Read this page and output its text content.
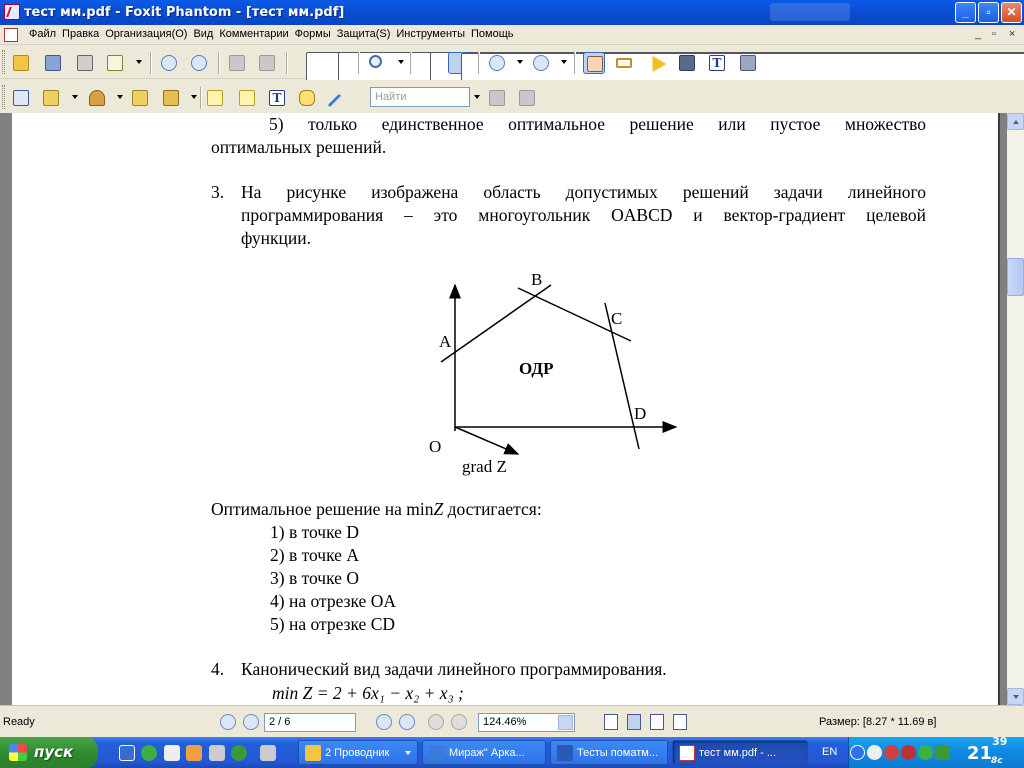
тест мм.pdf - Foxit Phantom - [тест мм.pdf]	_	▫	✕
Файл Правка Организация(O) Вид Комментарии Формы Защита(S) Инструменты Помощь	_ ▫ ×
T
T	Найти
5) только единственное оптимальное решение или пустое множество
оптимальных решений.
3. На рисунке изображена область допустимых решений задачи линейного
программирования – это многоугольник OABCD и вектор-градиент целевой
функции.
A
B
C
D
O
ОДР
grad Z
Оптимальное решение на minZ достигается:
1) в точке D
2) в точке A
3) в точке O
4) на отрезке OA
5) на отрезке CD
4. Канонический вид задачи линейного программирования.
min Z = 2 + 6x₁ − x₂ + x₃ ;
Ready	2 / 6	124.46%	Размер: [8.27 * 11.69 в]
пуск	2 Проводник	Мираж" Арка...	Тесты поматм...	тест мм.pdf - ...	EN	$21^{39}$
8с
